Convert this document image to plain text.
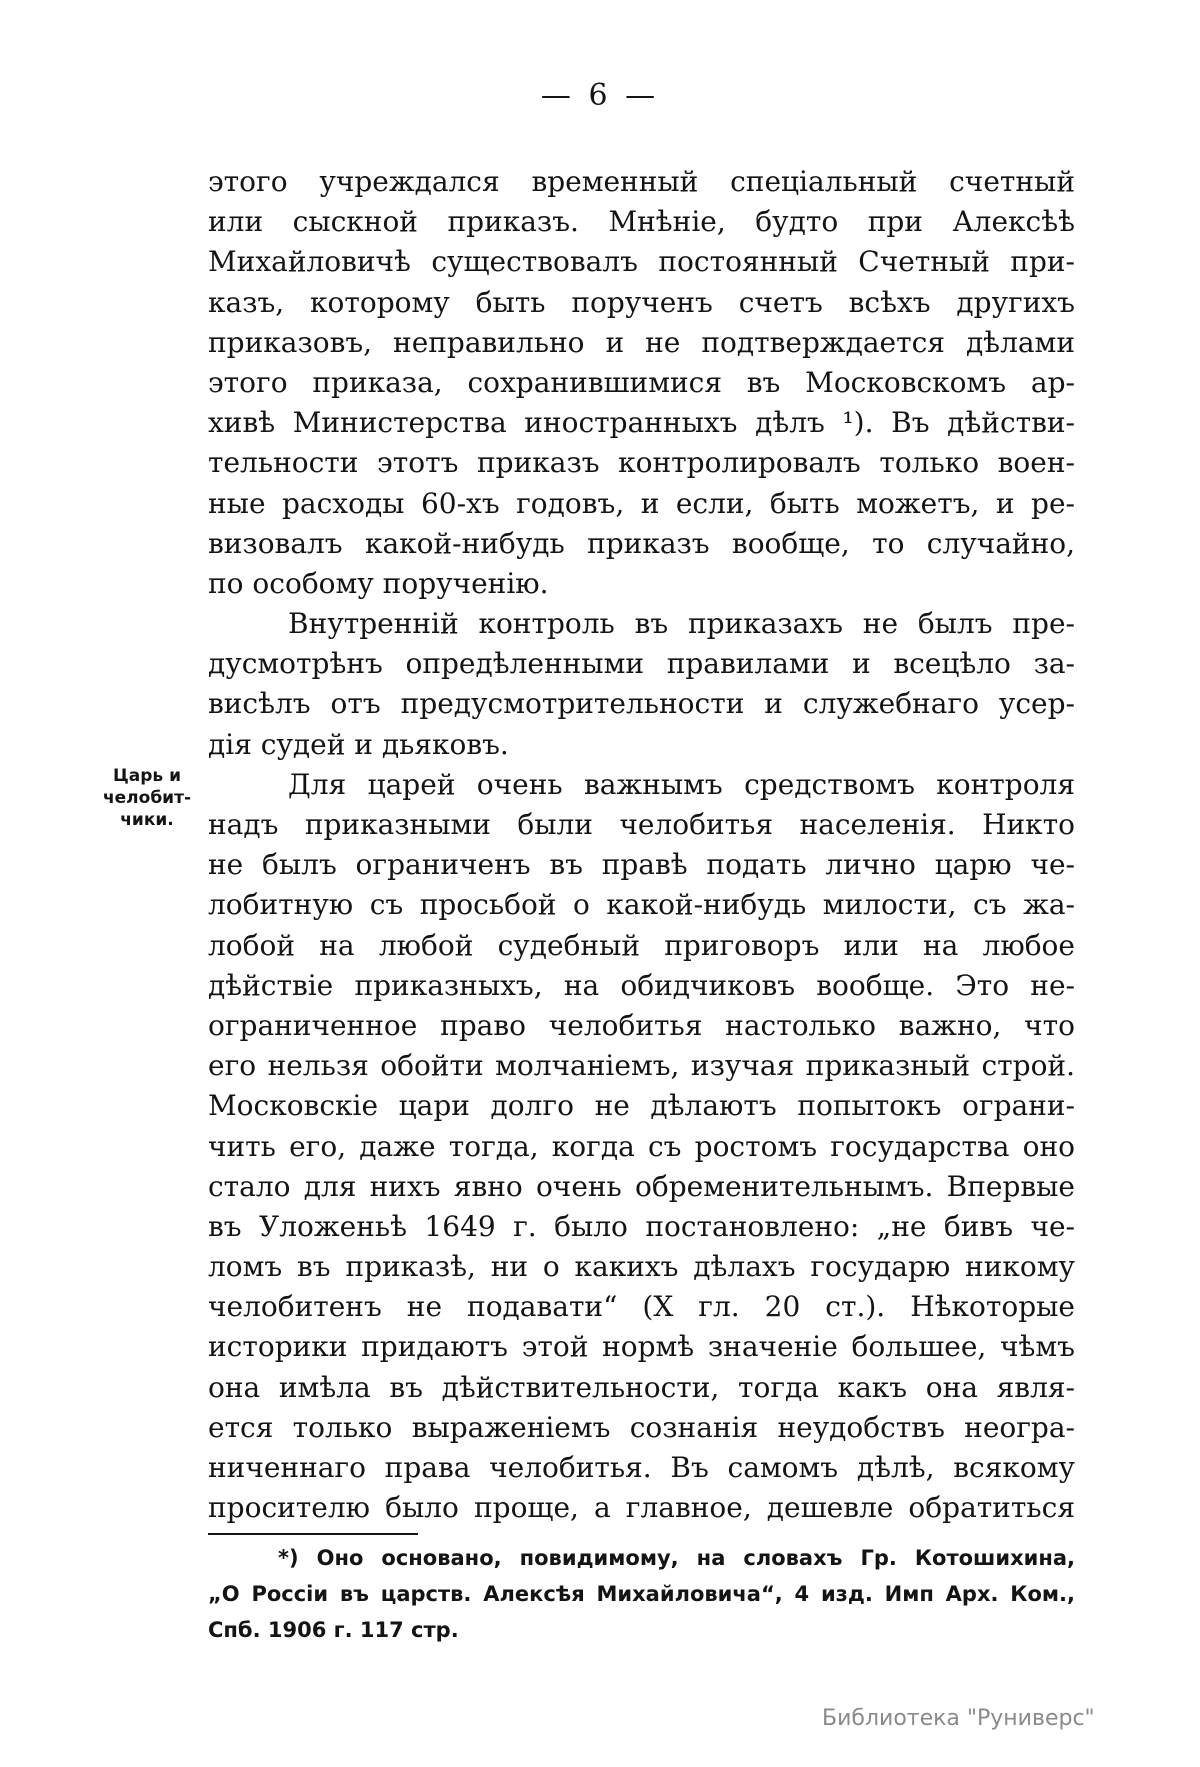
— 6 —
этого учреждался временный спеціальный счетный
или сыскной приказъ. Мнѣніе, будто при Алексѣѣ
Михайловичѣ существовалъ постоянный Счетный при-
казъ, которому быть порученъ счетъ всѣхъ другихъ
приказовъ, неправильно и не подтверждается дѣлами
этого приказа, сохранившимися въ Московскомъ ар-
хивѣ Министерства иностранныхъ дѣлъ ¹). Въ дѣйстви-
тельности этотъ приказъ контролировалъ только воен-
ные расходы 60-хъ годовъ, и если, быть можетъ, и ре-
визовалъ какой-нибудь приказъ вообще, то случайно,
по особому порученію.
Внутренній контроль въ приказахъ не былъ пре-
дусмотрѣнъ опредѣленными правилами и всецѣло за-
висѣлъ отъ предусмотрительности и служебнаго усер-
дія судей и дьяковъ.
Для царей очень важнымъ средствомъ контроля
надъ приказными были челобитья населенія. Никто
не былъ ограниченъ въ правѣ подать лично царю че-
лобитную съ просьбой о какой-нибудь милости, съ жа-
лобой на любой судебный приговоръ или на любое
дѣйствіе приказныхъ, на обидчиковъ вообще. Это не-
ограниченное право челобитья настолько важно, что
его нельзя обойти молчаніемъ, изучая приказный строй.
Московскіе цари долго не дѣлаютъ попытокъ ограни-
чить его, даже тогда, когда съ ростомъ государства оно
стало для нихъ явно очень обременительнымъ. Впервые
въ Уложеньѣ 1649 г. было постановлено: „не бивъ че-
ломъ въ приказѣ, ни о какихъ дѣлахъ государю никому
челобитенъ не подавати“ (X гл. 20 ст.). Нѣкоторые
историки придаютъ этой нормѣ значеніе большее, чѣмъ
она имѣла въ дѣйствительности, тогда какъ она явля-
ется только выраженіемъ сознанія неудобствъ неогра-
ниченнаго права челобитья. Въ самомъ дѣлѣ, всякому
просителю было проще, а главное, дешевле обратиться
Царь и
челобит-
чики.
*) Оно основано, повидимому, на словахъ Гр. Котошихина,
„О Россіи въ царств. Алексѣя Михайловича“, 4 изд. Имп Арх. Ком.,
Спб. 1906 г. 117 стр.
Библиотека "Руниверс"
